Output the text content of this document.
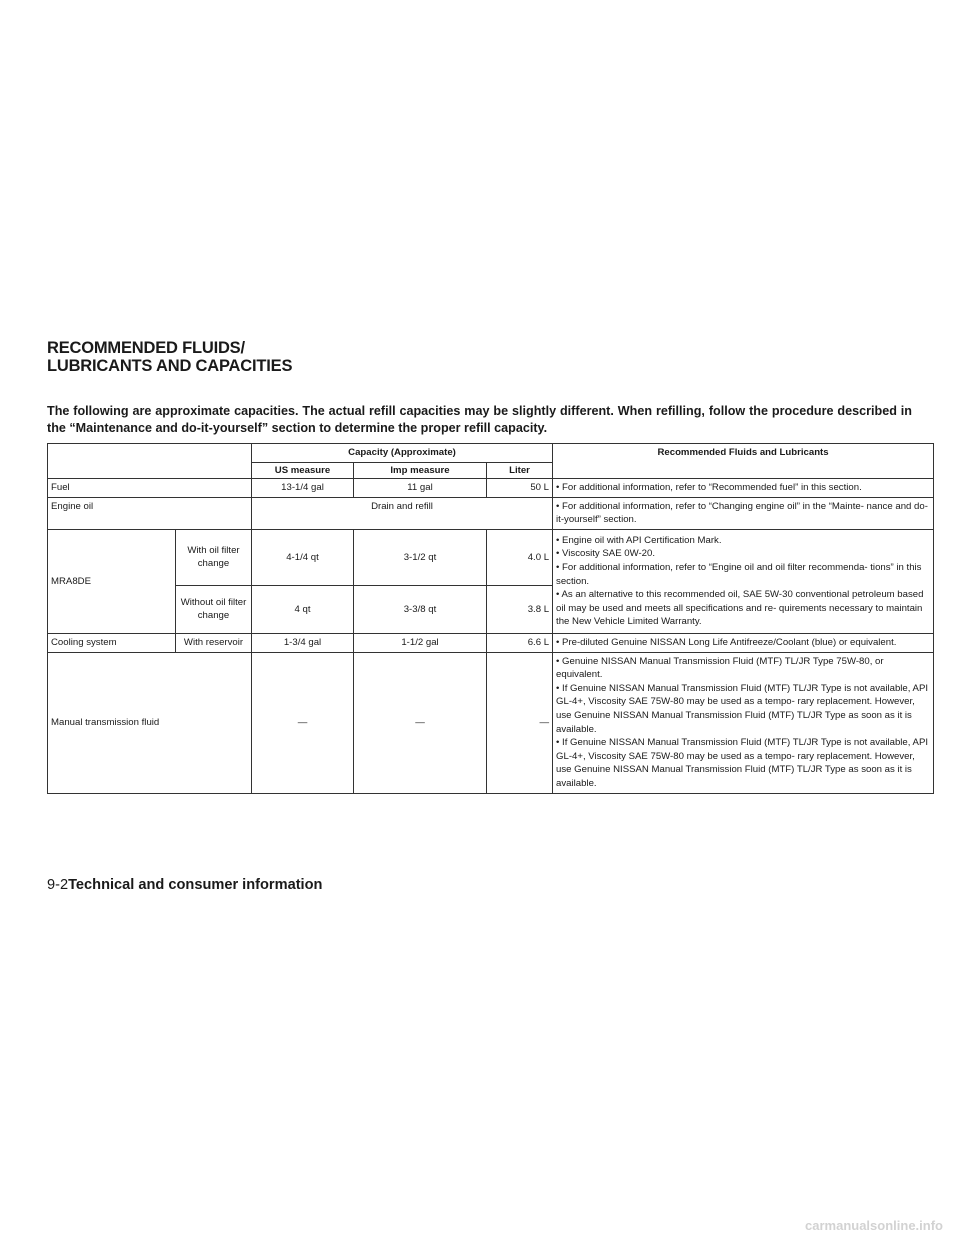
RECOMMENDED FLUIDS/
LUBRICANTS AND CAPACITIES

The following are approximate capacities. The actual refill capacities may be slightly different. When refilling, follow the procedure described in the “Maintenance and do-it-yourself” section to determine the proper refill capacity.

		Capacity (Approximate)			Recommended Fluids and Lubricants
		US measure	Imp measure	Liter	
Fuel		13-1/4 gal	11 gal	50 L	• For additional information, refer to “Recommended fuel” in this section.
Engine oil		Drain and refill			• For additional information, refer to “Changing engine oil” in the “Mainte- nance and do-it-yourself” section.
MRA8DE	With oil filter change	4-1/4 qt	3-1/2 qt	4.0 L	• Engine oil with API Certification Mark.
• Viscosity SAE 0W-20.
• For additional information, refer to “Engine oil and oil filter recommenda- tions” in this section.
• As an alternative to this recommended oil, SAE 5W-30 conventional petroleum based oil may be used and meets all specifications and re- quirements necessary to maintain the New Vehicle Limited Warranty.

	Without oil filter change	4 qt	3-3/8 qt	3.8 L	
Cooling system	With reservoir	1-3/4 gal	1-1/2 gal	6.6 L	• Pre-diluted Genuine NISSAN Long Life Antifreeze/Coolant (blue) or equivalent.
Manual transmission fluid		—	—	—	• Genuine NISSAN Manual Transmission Fluid (MTF) TL/JR Type 75W-80, or equivalent.
• If Genuine NISSAN Manual Transmission Fluid (MTF) TL/JR Type is not available, API GL-4+, Viscosity SAE 75W-80 may be used as a tempo- rary replacement. However, use Genuine NISSAN Manual Transmission Fluid (MTF) TL/JR Type as soon as it is available.
• If Genuine NISSAN Manual Transmission Fluid (MTF) TL/JR Type is not available, API GL-4+, Viscosity SAE 75W-80 may be used as a tempo- rary replacement. However, use Genuine NISSAN Manual Transmission Fluid (MTF) TL/JR Type as soon as it is available.

9-2Technical and consumer information

carmanualsonline.info
